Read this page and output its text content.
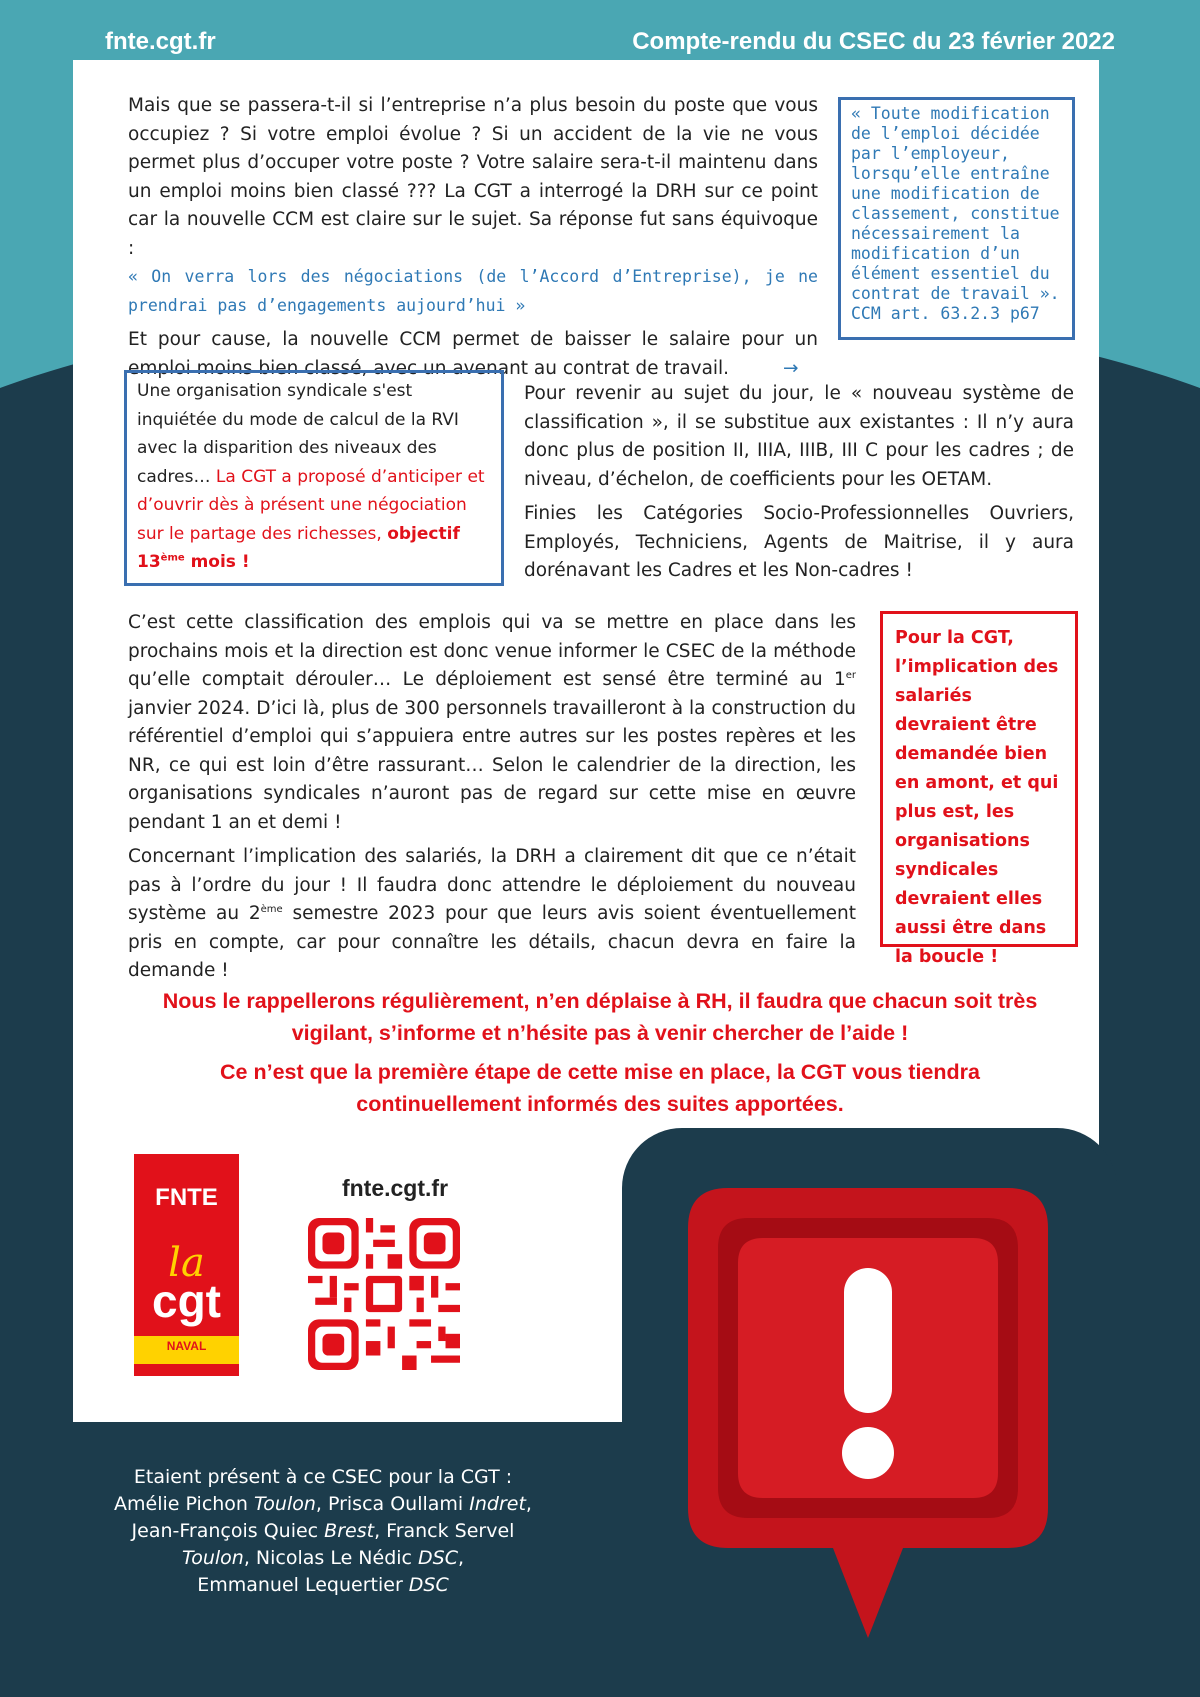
fnte.cgt.fr	Compte-rendu du CSEC du 23 février 2022
Mais que se passera-t-il si l’entreprise n’a plus besoin du poste que vous occupiez ? Si votre emploi évolue ? Si un accident de la vie ne vous permet plus d’occuper votre poste ? Votre salaire sera-t-il maintenu dans un emploi moins bien classé ??? La CGT a interrogé la DRH sur ce point car la nouvelle CCM est claire sur le sujet. Sa réponse fut sans équivoque :
« On verra lors des négociations (de l’Accord d’Entreprise), je ne prendrai pas d’engagements aujourd’hui »
Et pour cause, la nouvelle CCM permet de baisser le salaire pour un emploi moins bien classé, avec un avenant au contrat de travail.	→
« Toute modification de l’emploi décidée par l’employeur, lorsqu’elle entraîne une modification de classement, constitue nécessairement la modification d’un élément essentiel du contrat de travail ». CCM art. 63.2.3 p67
Une organisation syndicale s'est inquiétée du mode de calcul de la RVI avec la disparition des niveaux des cadres… La CGT a proposé d’anticiper et d’ouvrir dès à présent une négociation sur le partage des richesses, objectif 13ème mois !
Pour revenir au sujet du jour, le « nouveau système de classification », il se substitue aux existantes : Il n’y aura donc plus de position II, IIIA, IIIB, III C pour les cadres ; de niveau, d’échelon, de coefficients pour les OETAM.
Finies les Catégories Socio-Professionnelles Ouvriers, Employés, Techniciens, Agents de Maitrise, il y aura dorénavant les Cadres et les Non-cadres !
C’est cette classification des emplois qui va se mettre en place dans les prochains mois et la direction est donc venue informer le CSEC de la méthode qu’elle comptait dérouler… Le déploiement est sensé être terminé au 1er janvier 2024. D’ici là, plus de 300 personnels travailleront à la construction du référentiel d’emploi qui s’appuiera entre autres sur les postes repères et les NR, ce qui est loin d’être rassurant… Selon le calendrier de la direction, les organisations syndicales n’auront pas de regard sur cette mise en œuvre pendant 1 an et demi !
Concernant l’implication des salariés, la DRH a clairement dit que ce n’était pas à l’ordre du jour ! Il faudra donc attendre le déploiement du nouveau système au 2ème semestre 2023 pour que leurs avis soient éventuellement pris en compte, car pour connaître les détails, chacun devra en faire la demande !
Pour la CGT, l’implication des salariés devraient être demandée bien en amont, et qui plus est, les organisations syndicales devraient elles aussi être dans la boucle !
Nous le rappellerons régulièrement, n’en déplaise à RH, il faudra que chacun soit très
vigilant, s’informe et n’hésite pas à venir chercher de l’aide !
Ce n’est que la première étape de cette mise en place, la CGT vous tiendra
continuellement informés des suites apportées.
FNTE
la
cgt
NAVAL
fnte.cgt.fr
Etaient présent à ce CSEC pour la CGT :
Amélie Pichon Toulon, Prisca Oullami Indret,
Jean-François Quiec Brest, Franck Servel
Toulon, Nicolas Le Nédic DSC,
Emmanuel Lequertier DSC
